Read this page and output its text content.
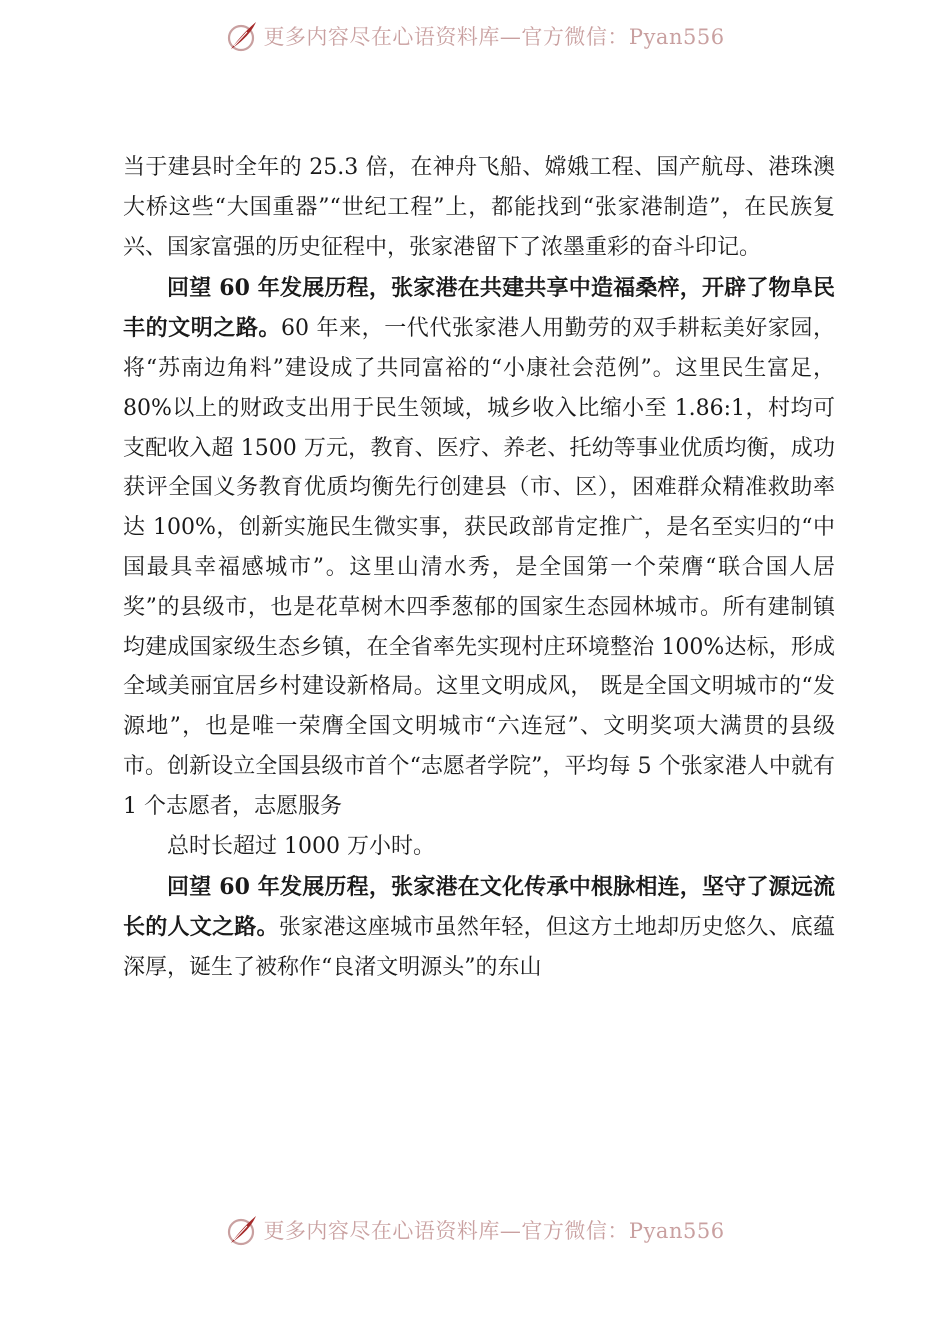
更多内容尽在心语资料库—官方微信：Pyan556

当于建县时全年的 25.3 倍，在神舟飞船、嫦娥工程、国产航母、港珠澳大桥这些“大国重器”“世纪工程”上，都能找到“张家港制造”，在民族复兴、国家富强的历史征程中，张家港留下了浓墨重彩的奋斗印记。

回望 60 年发展历程，张家港在共建共享中造福桑梓，开辟了物阜民丰的文明之路。60 年来，一代代张家港人用勤劳的双手耕耘美好家园，将“苏南边角料”建设成了共同富裕的“小康社会范例”。这里民生富足，80%以上的财政支出用于民生领域，城乡收入比缩小至 1.86:1，村均可支配收入超 1500 万元，教育、医疗、养老、托幼等事业优质均衡，成功获评全国义务教育优质均衡先行创建县（市、区），困难群众精准救助率达 100%，创新实施民生微实事，获民政部肯定推广，是名至实归的“中国最具幸福感城市”。这里山清水秀，是全国第一个荣膺“联合国人居奖”的县级市，也是花草树木四季葱郁的国家生态园林城市。所有建制镇均建成国家级生态乡镇，在全省率先实现村庄环境整治 100%达标，形成全域美丽宜居乡村建设新格局。这里文明成风， 既是全国文明城市的“发源地”，也是唯一荣膺全国文明城市“六连冠”、文明奖项大满贯的县级市。创新设立全国县级市首个“志愿者学院”，平均每 5 个张家港人中就有 1 个志愿者，志愿服务
总时长超过 1000 万小时。

回望 60 年发展历程，张家港在文化传承中根脉相连，坚守了源远流长的人文之路。张家港这座城市虽然年轻，但这方土地却历史悠久、底蕴深厚，诞生了被称作“良渚文明源头”的东山

更多内容尽在心语资料库—官方微信：Pyan556
